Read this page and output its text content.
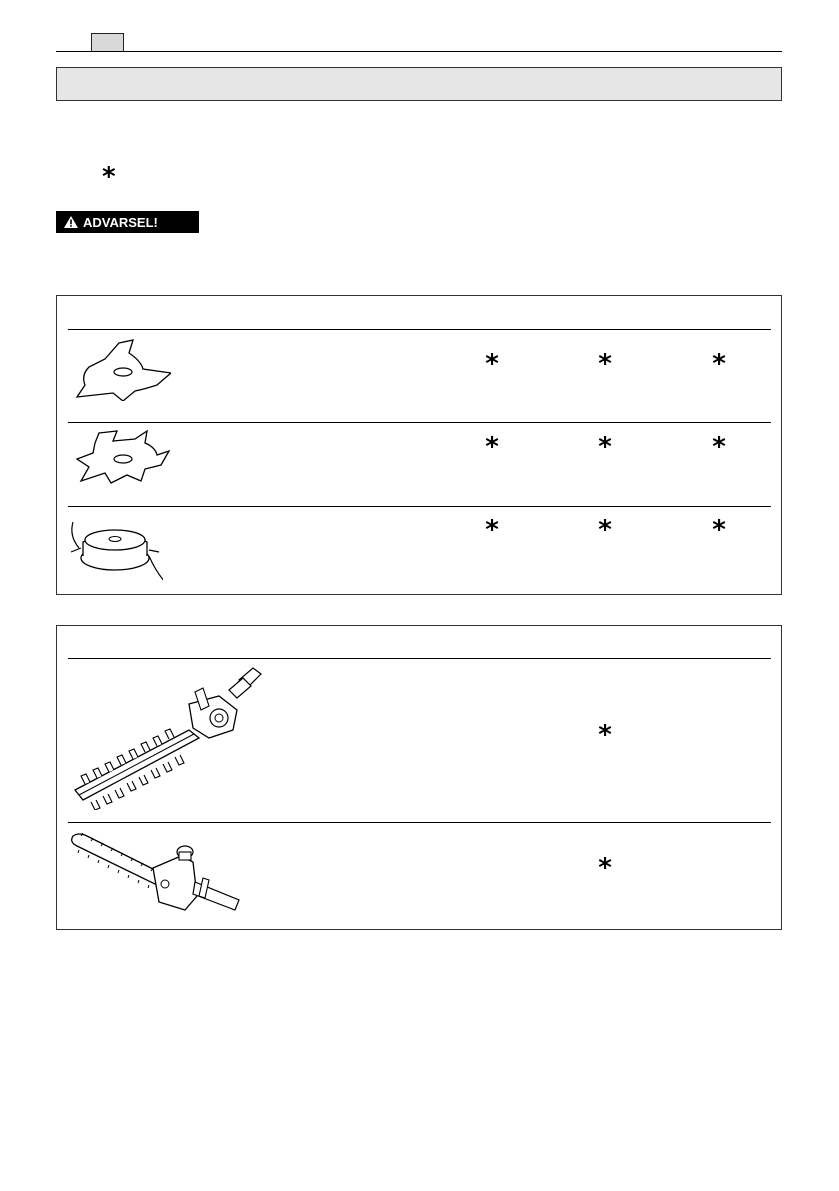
*
ADVARSEL!
*	*	*
*	*	*
*	*	*
*
*
